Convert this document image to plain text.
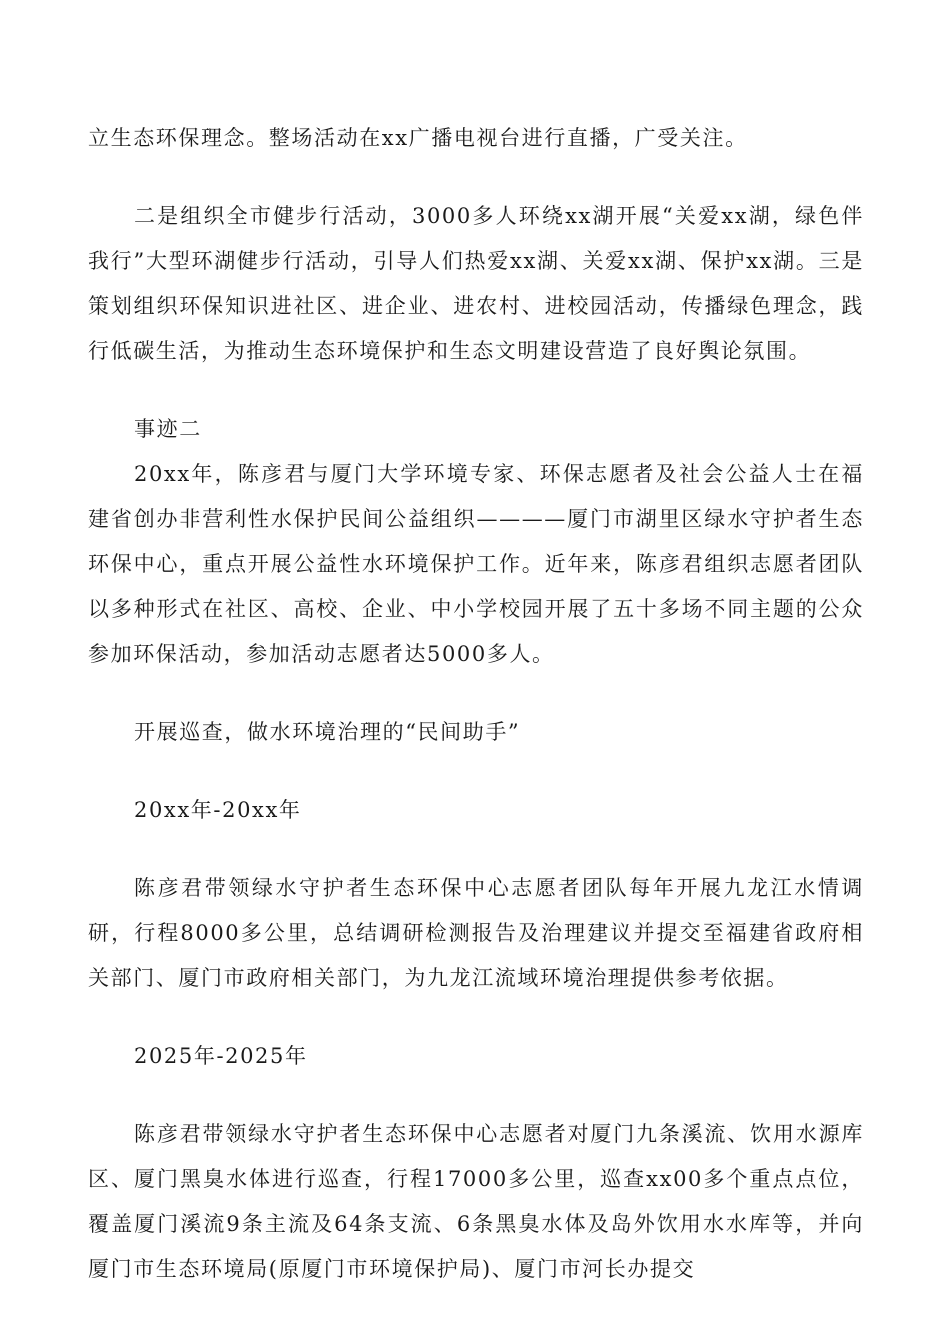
立生态环保理念。整场活动在xx广播电视台进行直播，广受关注。

二是组织全市健步行活动，3000多人环绕xx湖开展“关爱xx湖，绿色伴我行”大型环湖健步行活动，引导人们热爱xx湖、关爱xx湖、保护xx湖。三是策划组织环保知识进社区、进企业、进农村、进校园活动，传播绿色理念，践行低碳生活，为推动生态环境保护和生态文明建设营造了良好舆论氛围。

事迹二

20xx年，陈彦君与厦门大学环境专家、环保志愿者及社会公益人士在福建省创办非营利性水保护民间公益组织————厦门市湖里区绿水守护者生态环保中心，重点开展公益性水环境保护工作。近年来，陈彦君组织志愿者团队以多种形式在社区、高校、企业、中小学校园开展了五十多场不同主题的公众参加环保活动，参加活动志愿者达5000多人。

开展巡查，做水环境治理的“民间助手”

20xx年-20xx年

陈彦君带领绿水守护者生态环保中心志愿者团队每年开展九龙江水情调研，行程8000多公里，总结调研检测报告及治理建议并提交至福建省政府相关部门、厦门市政府相关部门，为九龙江流域环境治理提供参考依据。

2025年-2025年

陈彦君带领绿水守护者生态环保中心志愿者对厦门九条溪流、饮用水源库区、厦门黑臭水体进行巡查，行程17000多公里，巡查xx00多个重点点位，覆盖厦门溪流9条主流及64条支流、6条黑臭水体及岛外饮用水水库等，并向厦门市生态环境局(原厦门市环境保护局)、厦门市河长办提交
